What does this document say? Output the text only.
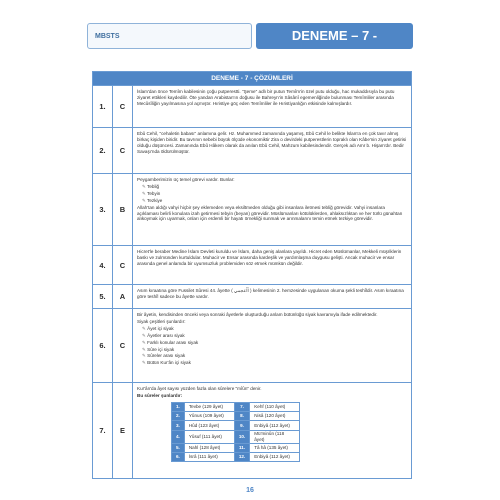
MBSTS	DENEME – 7 - ÇÖZÜMLER
DENEME - 7 - ÇÖZÜMLERİ
1.	C

İslam'dan önce Temîm kabilesinin çoğu putperestti. "Şeme" adlı bir putun Temîm'in özel putu olduğu, hac mukaddısıyla bu putu ziyaret ettikleri kaydedilir. Öte yandan Arabistan'ın doğusu ile Bahreyn'in Sâsânî egemenliğinde bulunması Temîmliler arasında Mecûsîliğin yayılmasına yol açmıştır. Hıristiye göç eden Temîmliler ile Hıristiyanlığın etkisinde kalmışlardır.

2.	C

Ebû Cehil, "cehaletin babası" anlamına gelir. Hz. Muhammed zamanında yaşamış, Ebû Cehil le belikte İslam'a en çok tavır almış birkaç kişiden biridir. Bu tavrının sebebi büyük ölçüde ekonomiktir Zira o devirdeki putperestlerin topraklı olan Kâbe'nin ziyaret getirisi olduğu düşüncesi. Zamanında Ebû Hâkem olarak da anılan Ebû Cehil, Mahzum kabilesindendir. Gerçek adı Amr b. Hişam'dır. Bedir Savaşı'nda öldürülmüştür.

3.	B

Peygamberimizin üç temel görevi vardır. Bunlar:

✎ Tebliğ

✎ Tebyin

✎ Tezkiye

Allah'tan aldığı vahyi hiçbir şey eklemeden veya eksiltmeden olduğu gibi insanlara iletmesi tebliğ görevidir. Vahyi insanlara açıklaması belirli konulara izah getirmesi tebyin (beyan) görevidir. Müslümanları kötülüklerden, ahlaksızlıktan ve her türlü günahtan alıkoymak için uyarmak, onları için erdemli bir hayatı örnekliği sunmak ve arınmalarını temin etmek tezkiye görevidir.

4.	C

Hicret'le beraber Medine İslam Devleti kuruldu ve İslam, daha geniş alanlara yayıldı. Hicret eden Müslümanlar, Mekkeli müşriklerin baskı ve zulmünden kurtuldular. Muhacir ve Ensar arasında kardeşlik ve yardımlaşma duygusu gelişti. Ancak muhacir ve ensar arasında genel anlamda bir uyumsuzluk problemiden söz etmek mümkün değildir.

5.	A

Asım kıraatına göre Fussilet Sûresi 44. âyette ( أأعجمي ) kelimesinin 2. hemzesinde uygulanan okuma şekli teshîldir. Asım kıraatına göre teshîl sadece bu âyette vardır.

6.	C

Bir âyetin, kendisinden önceki veya sonraki âyetlerle oluşturduğu anlam bütünlüğü siyak kavramıyla ifade edilmektedir.

Siyak çeşitleri şunlardır:

✎ Âyet içi siyak

✎ Âyetler arası siyak

✎ Farklı konular arası siyak

✎ Sûre içi siyak

✎ Sûreler arası siyak

✎ Bütün Kur'ân içi siyak

7.	E

Kur'ân'da âyet sayısı yüzden fazla olan sûrelere "mîûn" denir.

Bu sûreler şunlardır:

1.	Tevbe (129 âyet)	7.	Kehf (110 âyet)
2.	Yûnus (109 âyet)	8.	Nisâ (120 âyet)
3.	Hûd (123 âyet)	9.	Enbiyâ (112 âyet)
4.	Yûsuf (111 âyet)	10.	Mü'minûn (118 âyet)
5.	Nahl (128 âyet)	11.	Tâ hâ (135 âyet)
6.	İsrâ (111 âyet)	12.	Enbiyâ (112 âyet)
16
